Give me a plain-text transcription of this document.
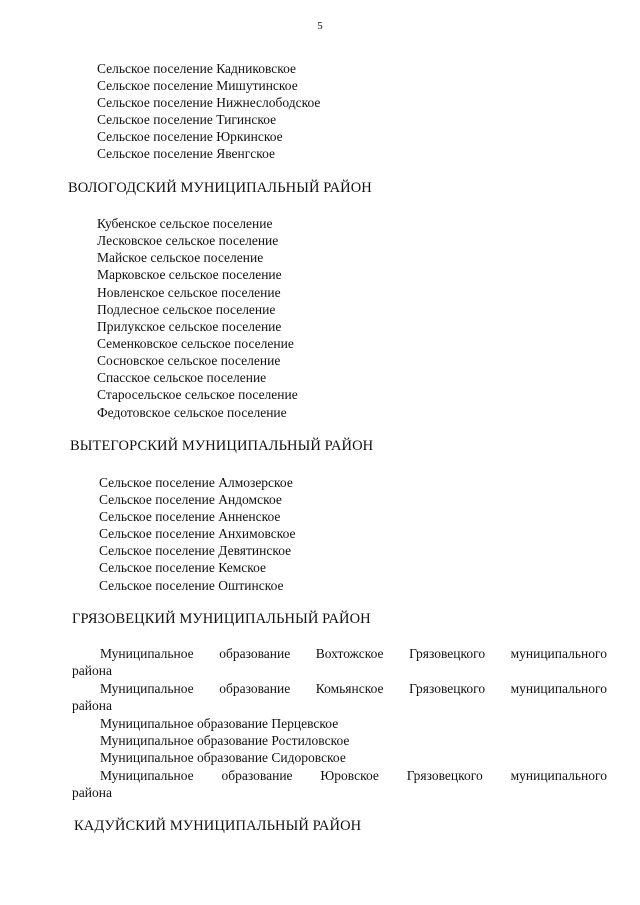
5
Сельское поселение Кадниковское
Сельское поселение Мишутинское
Сельское поселение Нижнеслободское
Сельское поселение Тигинское
Сельское поселение Юркинское
Сельское поселение Явенгское
ВОЛОГОДСКИЙ МУНИЦИПАЛЬНЫЙ РАЙОН
Кубенское сельское поселение
Лесковское сельское поселение
Майское сельское поселение
Марковское сельское поселение
Новленское сельское поселение
Подлесное сельское поселение
Прилукское сельское поселение
Семенковское сельское поселение
Сосновское сельское поселение
Спасское сельское поселение
Старосельское сельское поселение
Федотовское сельское поселение
ВЫТЕГОРСКИЙ МУНИЦИПАЛЬНЫЙ РАЙОН
Сельское поселение Алмозерское
Сельское поселение Андомское
Сельское поселение Анненское
Сельское поселение Анхимовское
Сельское поселение Девятинское
Сельское поселение Кемское
Сельское поселение Оштинское
ГРЯЗОВЕЦКИЙ МУНИЦИПАЛЬНЫЙ РАЙОН
Муниципальное образование Вохтожское Грязовецкого муниципального
района
Муниципальное образование Комьянское Грязовецкого муниципального
района
Муниципальное образование Перцевское
Муниципальное образование Ростиловское
Муниципальное образование Сидоровское
Муниципальное образование Юровское Грязовецкого муниципального
района
КАДУЙСКИЙ МУНИЦИПАЛЬНЫЙ РАЙОН
